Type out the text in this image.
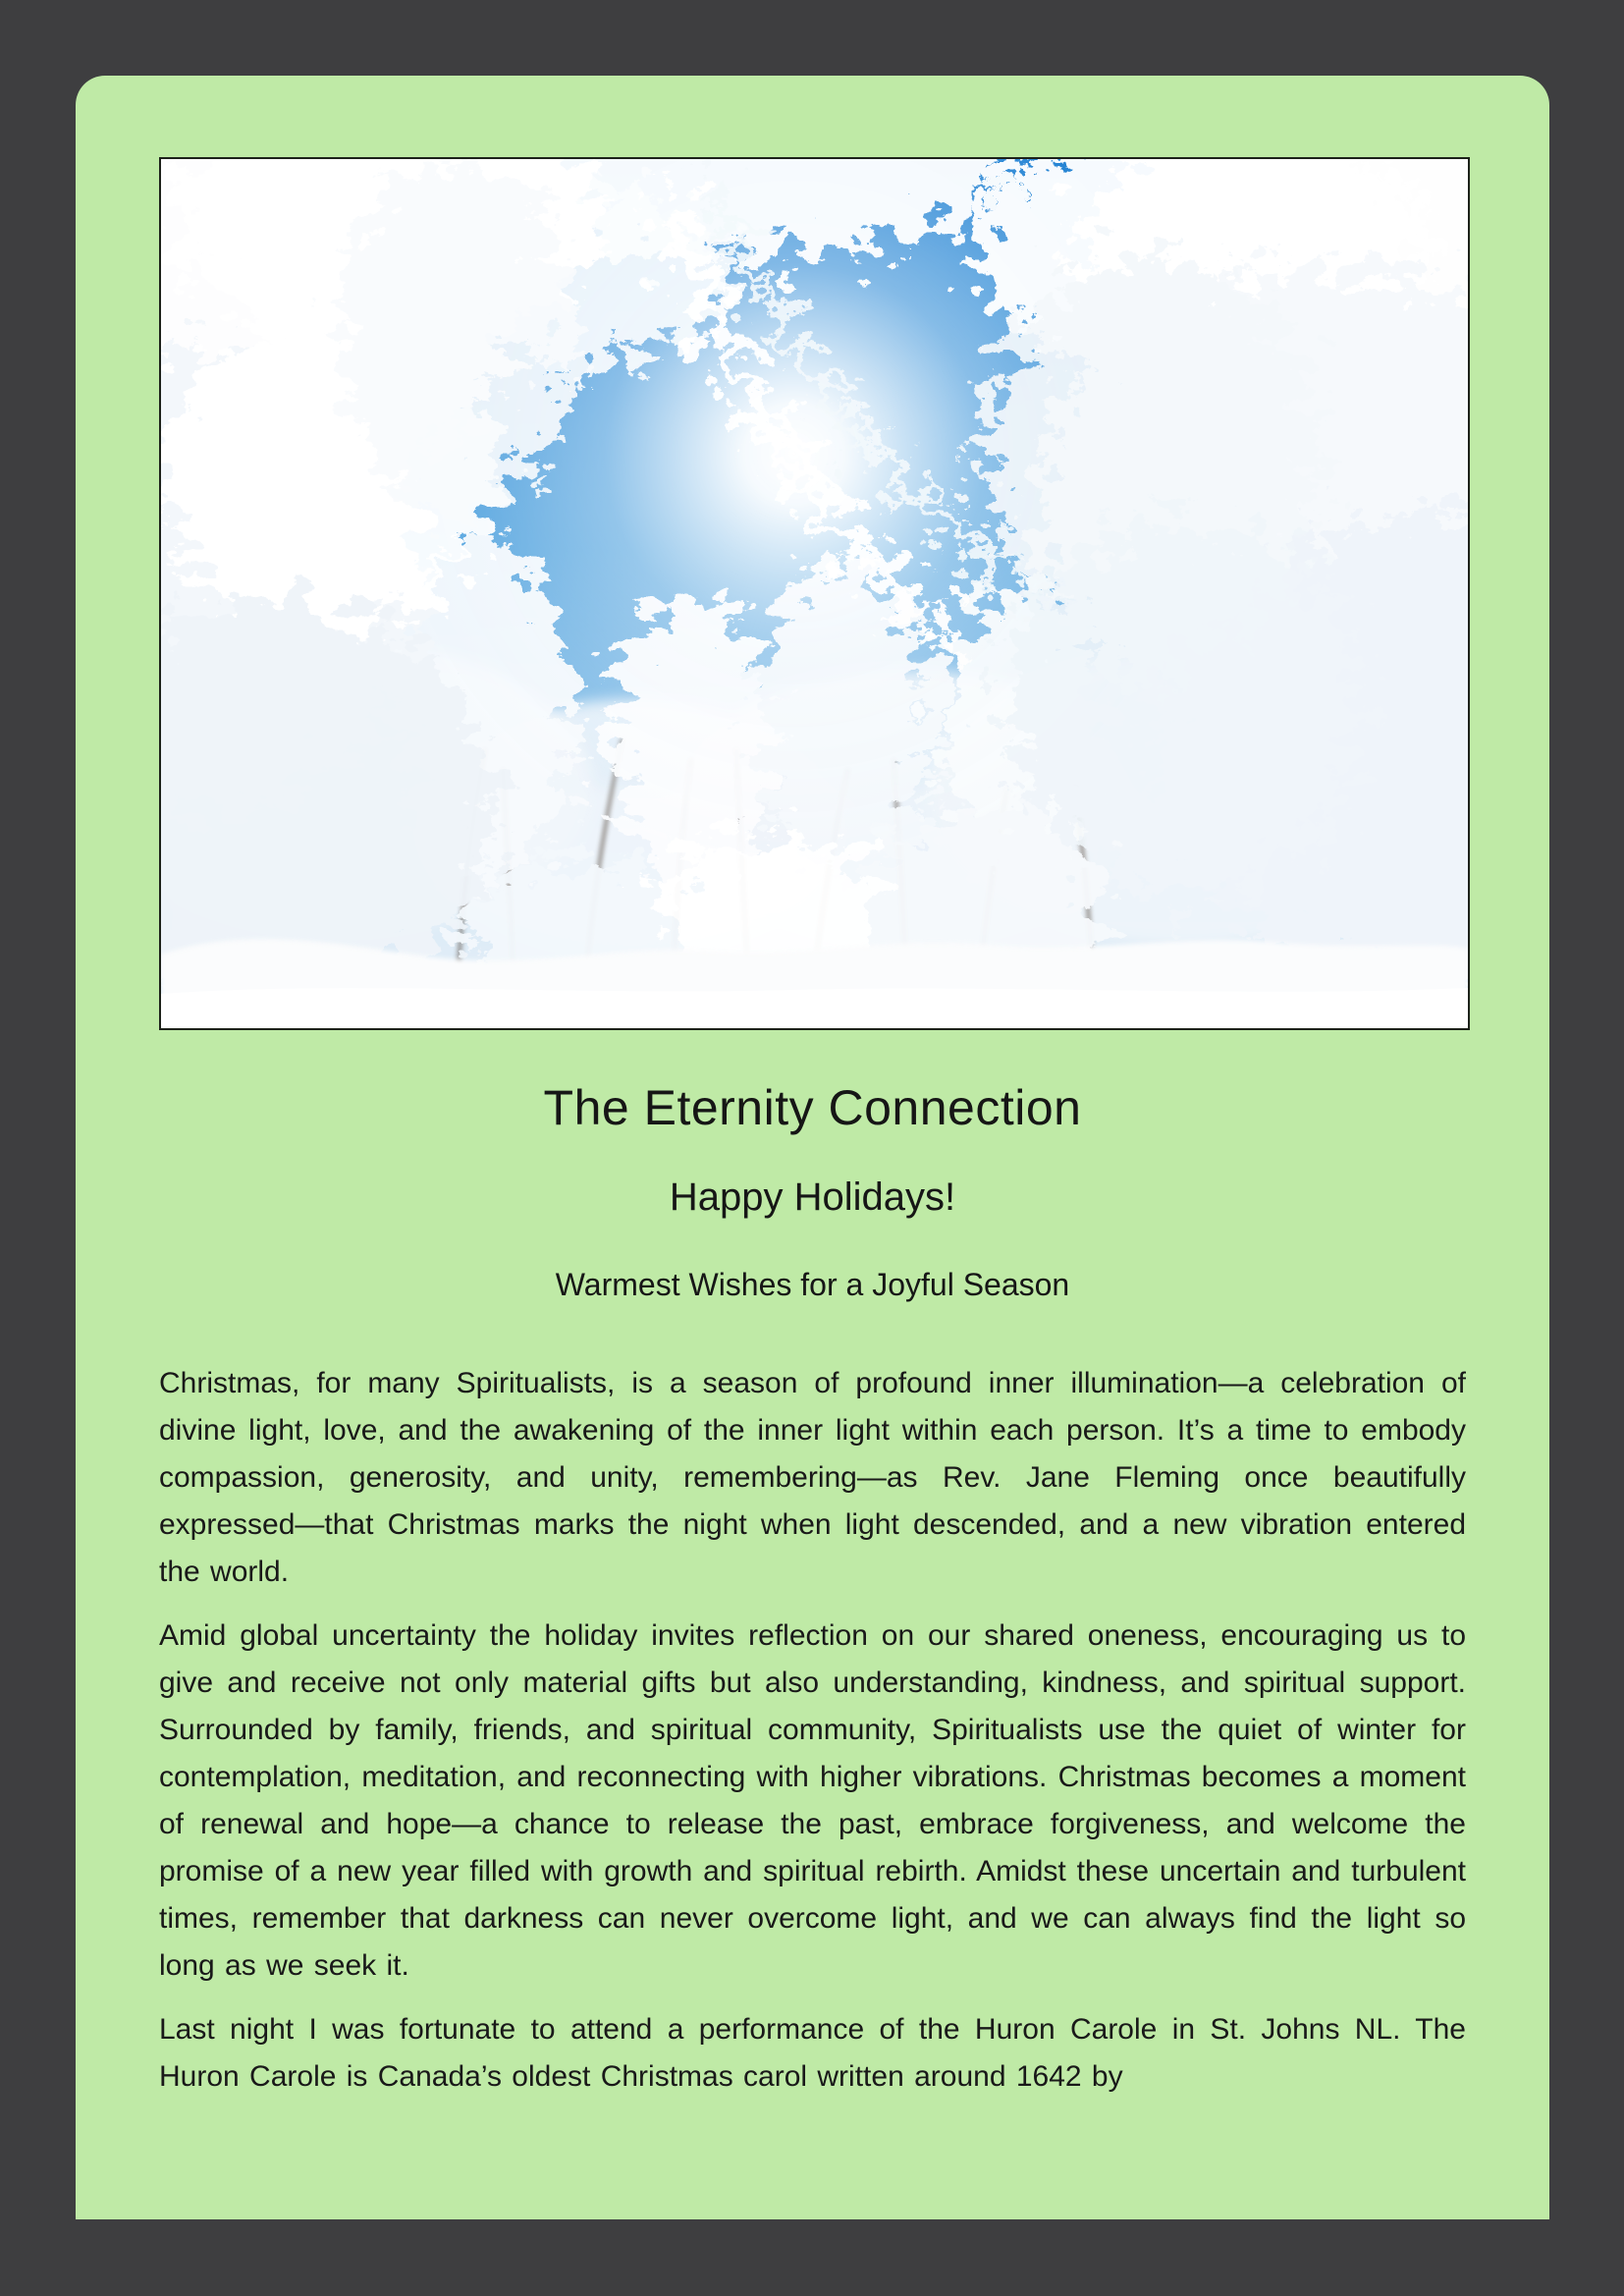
The Eternity Connection
Happy Holidays!
Warmest Wishes for a Joyful Season

Christmas, for many Spiritualists, is a season of profound inner illumination—a celebration of divine light, love, and the awakening of the inner light within each person. It’s a time to embody compassion, generosity, and unity, remembering—as Rev. Jane Fleming once beautifully expressed—that Christmas marks the night when light descended, and a new vibration entered the world.

Amid global uncertainty the holiday invites reflection on our shared oneness, encouraging us to give and receive not only material gifts but also understanding, kindness, and spiritual support. Surrounded by family, friends, and spiritual community, Spiritualists use the quiet of winter for contemplation, meditation, and reconnecting with higher vibrations. Christmas becomes a moment of renewal and hope—a chance to release the past, embrace forgiveness, and welcome the promise of a new year filled with growth and spiritual rebirth. Amidst these uncertain and turbulent times, remember that darkness can never overcome light, and we can always find the light so long as we seek it.

Last night I was fortunate to attend a performance of the Huron Carole in St. Johns NL. The Huron Carole is Canada’s oldest Christmas carol written around 1642 by
